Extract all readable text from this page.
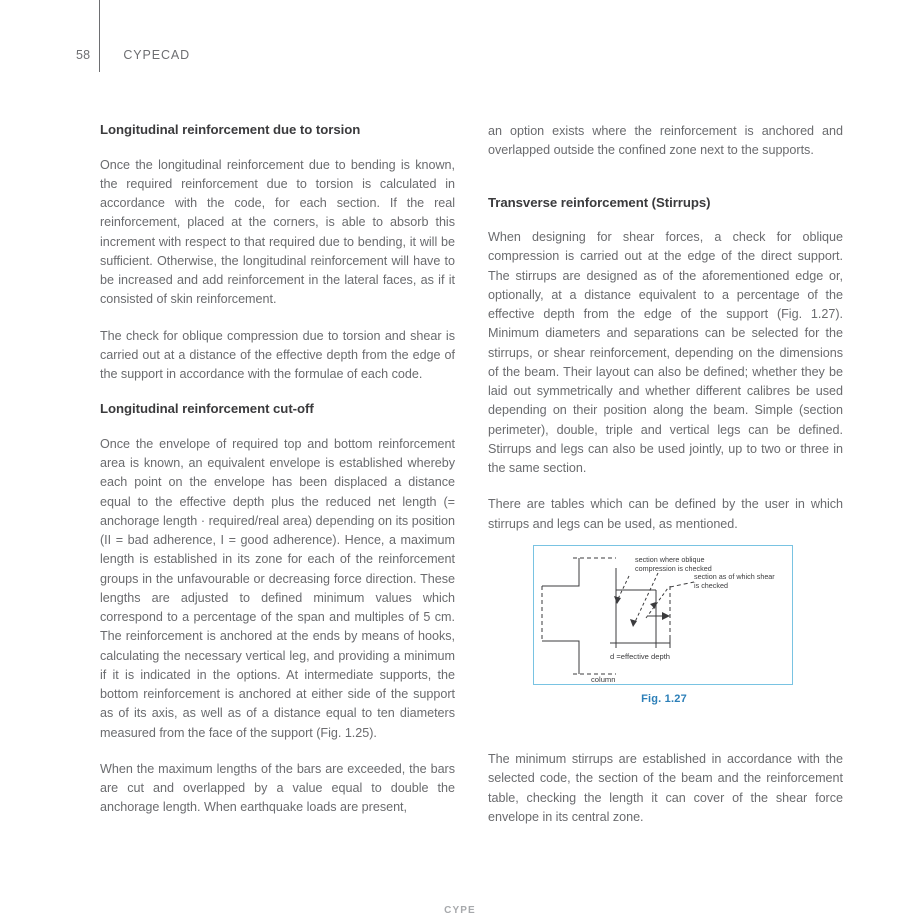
58	CYPECAD
Longitudinal reinforcement due to torsion

Once the longitudinal reinforcement due to bending is known, the required reinforcement due to torsion is calculated in accordance with the code, for each section. If the real reinforcement, placed at the corners, is able to absorb this increment with respect to that required due to bending, it will be sufficient. Otherwise, the longitudinal reinforcement will have to be increased and add reinforcement in the lateral faces, as if it consisted of skin reinforcement.

The check for oblique compression due to torsion and shear is carried out at a distance of the effective depth from the edge of the support in accordance with the formulae of each code.

Longitudinal reinforcement cut-off

Once the envelope of required top and bottom reinforcement area is known, an equivalent envelope is established whereby each point on the envelope has been displaced a distance equal to the effective depth plus the reduced net length (= anchorage length · required/real area) depending on its position (II = bad adherence, I = good adherence). Hence, a maximum length is established in its zone for each of the reinforcement groups in the unfavourable or decreasing force direction. These lengths are adjusted to defined minimum values which correspond to a percentage of the span and multiples of 5 cm. The reinforcement is anchored at the ends by means of hooks, calculating the necessary vertical leg, and providing a minimum if it is indicated in the options. At intermediate supports, the bottom reinforcement is anchored at either side of the support as of its axis, as well as of a distance equal to ten diameters measured from the face of the support (Fig. 1.25).

When the maximum lengths of the bars are exceeded, the bars are cut and overlapped by a value equal to double the anchorage length. When earthquake loads are present,

an option exists where the reinforcement is anchored and overlapped outside the confined zone next to the supports.

Transverse reinforcement (Stirrups)

When designing for shear forces, a check for oblique compression is carried out at the edge of the direct support. The stirrups are designed as of the aforementioned edge or, optionally, at a distance equivalent to a percentage of the effective depth from the edge of the support (Fig. 1.27). Minimum diameters and separations can be selected for the stirrups, or shear reinforcement, depending on the dimensions of the beam. Their layout can also be defined; whether they be laid out symmetrically and whether different calibres be used depending on their position along the beam. Simple (section perimeter), double, triple and vertical legs can be defined. Stirrups and legs can also be used jointly, up to two or three in the same section.

There are tables which can be defined by the user in which stirrups and legs can be used, as mentioned.

section where oblique
compression is checked
section as of which shear
is checked
d =effective depth
column
Fig. 1.27

The minimum stirrups are established in accordance with the selected code, the section of the beam and the reinforcement table, checking the length it can cover of the shear force envelope in its central zone.

CYPE
